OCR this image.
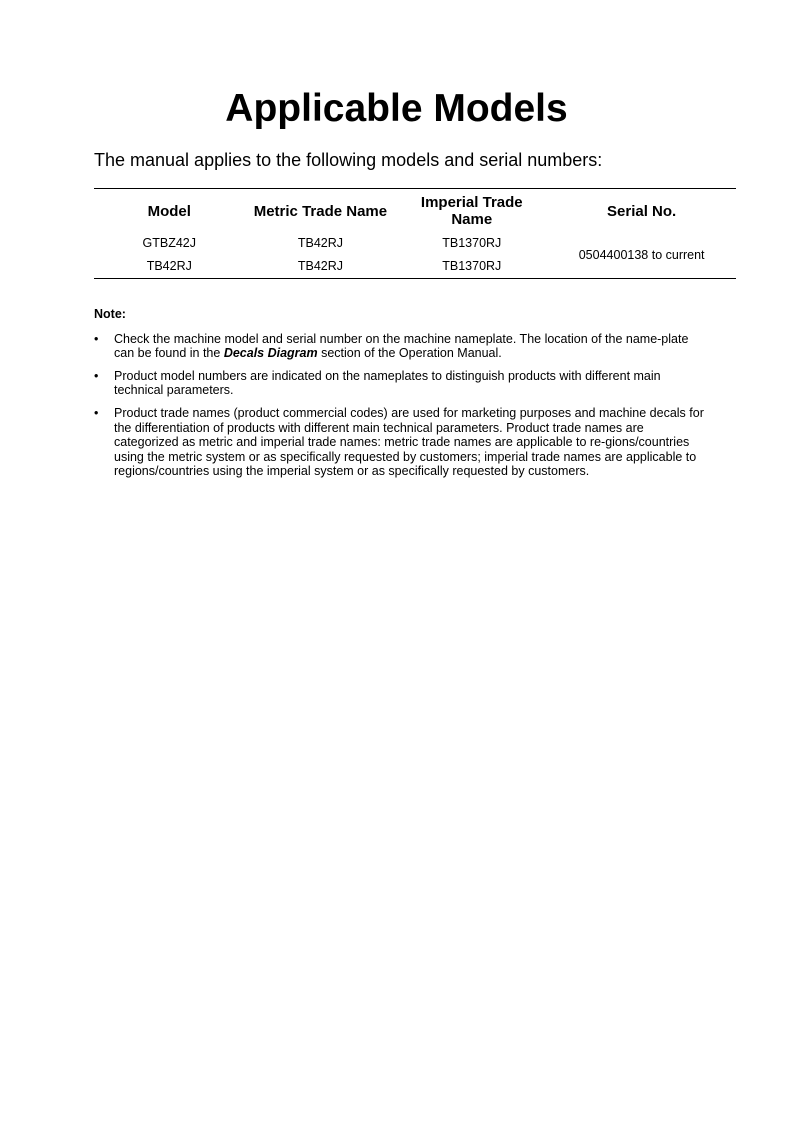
Applicable Models

The manual applies to the following models and serial numbers:

Model	Metric Trade Name	Imperial Trade Name	Serial No.
GTBZ42J	TB42RJ	TB1370RJ	0504400138 to current
TB42RJ	TB42RJ	TB1370RJ	
Note:
• Check the machine model and serial number on the machine nameplate. The location of the name-plate can be found in the Decals Diagram section of the Operation Manual.
• Product model numbers are indicated on the nameplates to distinguish products with different main technical parameters.
• Product trade names (product commercial codes) are used for marketing purposes and machine decals for the differentiation of products with different main technical parameters. Product trade names are categorized as metric and imperial trade names: metric trade names are applicable to re-gions/countries using the metric system or as specifically requested by customers; imperial trade names are applicable to regions/countries using the imperial system or as specifically requested by customers.
